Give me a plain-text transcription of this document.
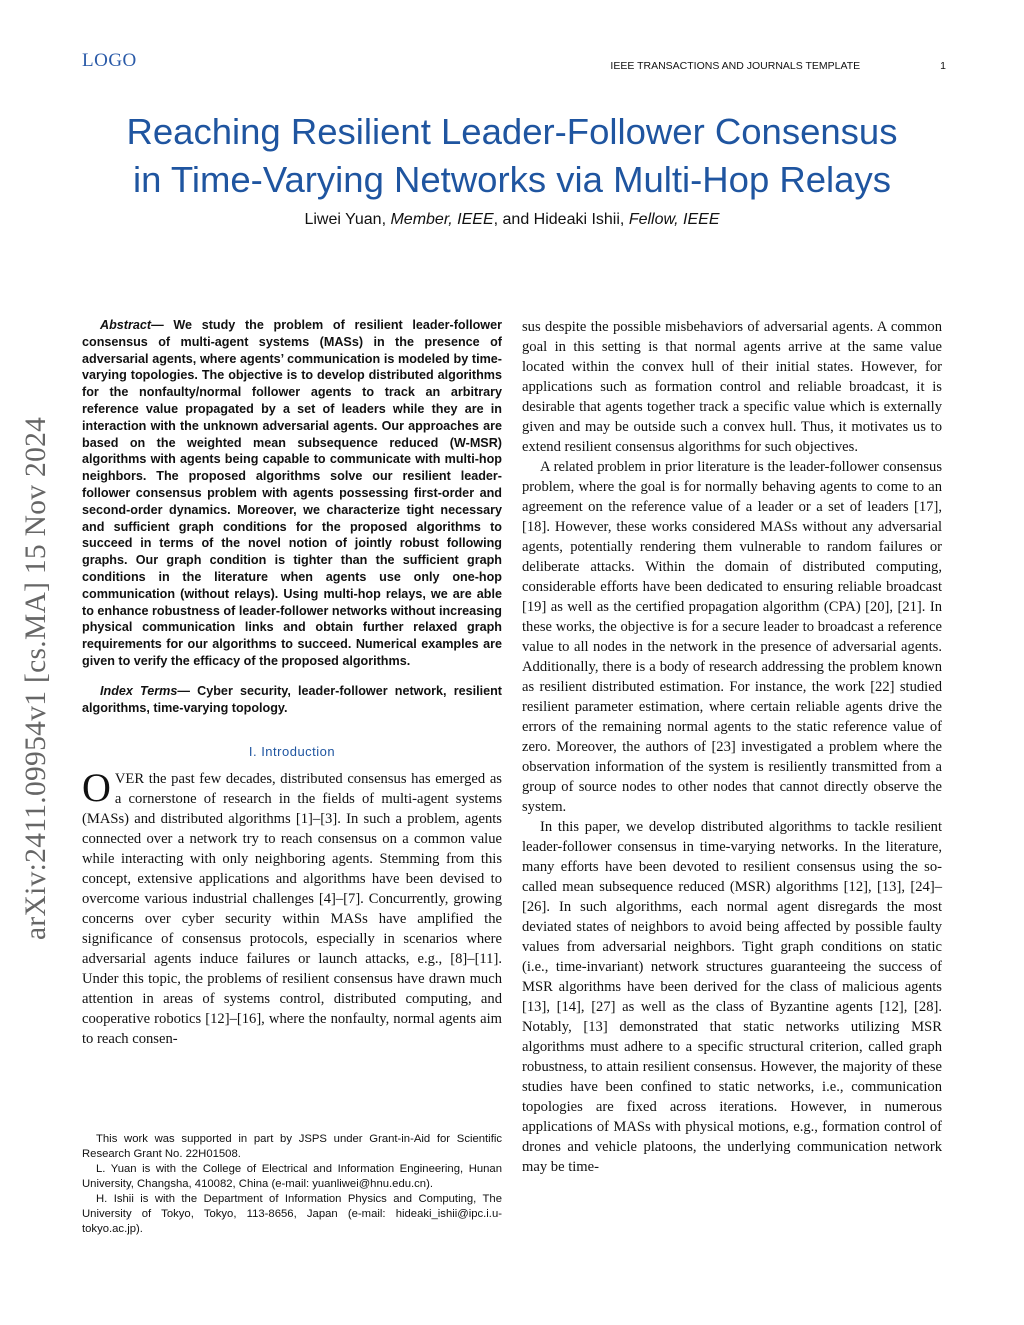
LOGO	IEEE TRANSACTIONS AND JOURNALS TEMPLATE	1
Reaching Resilient Leader-Follower Consensus
in Time-Varying Networks via Multi-Hop Relays
Liwei Yuan, Member, IEEE, and Hideaki Ishii, Fellow, IEEE
arXiv:2411.09954v1 [cs.MA] 15 Nov 2024

Abstract— We study the problem of resilient leader-follower consensus of multi-agent systems (MASs) in the presence of adversarial agents, where agents’ communication is modeled by time-varying topologies. The objective is to develop distributed algorithms for the nonfaulty/normal follower agents to track an arbitrary reference value propagated by a set of leaders while they are in interaction with the unknown adversarial agents. Our approaches are based on the weighted mean subsequence reduced (W-MSR) algorithms with agents being capable to communicate with multi-hop neighbors. The proposed algorithms solve our resilient leader-follower consensus problem with agents possessing first-order and second-order dynamics. Moreover, we characterize tight necessary and sufficient graph conditions for the proposed algorithms to succeed in terms of the novel notion of jointly robust following graphs. Our graph condition is tighter than the sufficient graph conditions in the literature when agents use only one-hop communication (without relays). Using multi-hop relays, we are able to enhance robustness of leader-follower networks without increasing physical communication links and obtain further relaxed graph requirements for our algorithms to succeed. Numerical examples are given to verify the efficacy of the proposed algorithms.

Index Terms— Cyber security, leader-follower network, resilient algorithms, time-varying topology.

I. Introduction

OVER the past few decades, distributed consensus has emerged as a cornerstone of research in the fields of multi-agent systems (MASs) and distributed algorithms [1]–[3]. In such a problem, agents connected over a network try to reach consensus on a common value while interacting with only neighboring agents. Stemming from this concept, extensive applications and algorithms have been devised to overcome various industrial challenges [4]–[7]. Concurrently, growing concerns over cyber security within MASs have amplified the significance of consensus protocols, especially in scenarios where adversarial agents induce failures or launch attacks, e.g., [8]–[11]. Under this topic, the problems of resilient consensus have drawn much attention in areas of systems control, distributed computing, and cooperative robotics [12]–[16], where the nonfaulty, normal agents aim to reach consen-

This work was supported in part by JSPS under Grant-in-Aid for Scientific Research Grant No. 22H01508.

L. Yuan is with the College of Electrical and Information Engineering, Hunan University, Changsha, 410082, China (e-mail: yuanliwei@hnu.edu.cn).

H. Ishii is with the Department of Information Physics and Computing, The University of Tokyo, Tokyo, 113-8656, Japan (e-mail: hideaki_ishii@ipc.i.u-tokyo.ac.jp).

sus despite the possible misbehaviors of adversarial agents. A common goal in this setting is that normal agents arrive at the same value located within the convex hull of their initial states. However, for applications such as formation control and reliable broadcast, it is desirable that agents together track a specific value which is externally given and may be outside such a convex hull. Thus, it motivates us to extend resilient consensus algorithms for such objectives.

A related problem in prior literature is the leader-follower consensus problem, where the goal is for normally behaving agents to come to an agreement on the reference value of a leader or a set of leaders [17], [18]. However, these works considered MASs without any adversarial agents, potentially rendering them vulnerable to random failures or deliberate attacks. Within the domain of distributed computing, considerable efforts have been dedicated to ensuring reliable broadcast [19] as well as the certified propagation algorithm (CPA) [20], [21]. In these works, the objective is for a secure leader to broadcast a reference value to all nodes in the network in the presence of adversarial agents. Additionally, there is a body of research addressing the problem known as resilient distributed estimation. For instance, the work [22] studied resilient parameter estimation, where certain reliable agents drive the errors of the remaining normal agents to the static reference value of zero. Moreover, the authors of [23] investigated a problem where the observation information of the system is resiliently transmitted from a group of source nodes to other nodes that cannot directly observe the system.

In this paper, we develop distributed algorithms to tackle resilient leader-follower consensus in time-varying networks. In the literature, many efforts have been devoted to resilient consensus using the so-called mean subsequence reduced (MSR) algorithms [12], [13], [24]–[26]. In such algorithms, each normal agent disregards the most deviated states of neighbors to avoid being affected by possible faulty values from adversarial neighbors. Tight graph conditions on static (i.e., time-invariant) network structures guaranteeing the success of MSR algorithms have been derived for the class of malicious agents [13], [14], [27] as well as the class of Byzantine agents [12], [28]. Notably, [13] demonstrated that static networks utilizing MSR algorithms must adhere to a specific structural criterion, called graph robustness, to attain resilient consensus. However, the majority of these studies have been confined to static networks, i.e., communication topologies are fixed across iterations. However, in numerous applications of MASs with physical motions, e.g., formation control of drones and vehicle platoons, the underlying communication network may be time-
